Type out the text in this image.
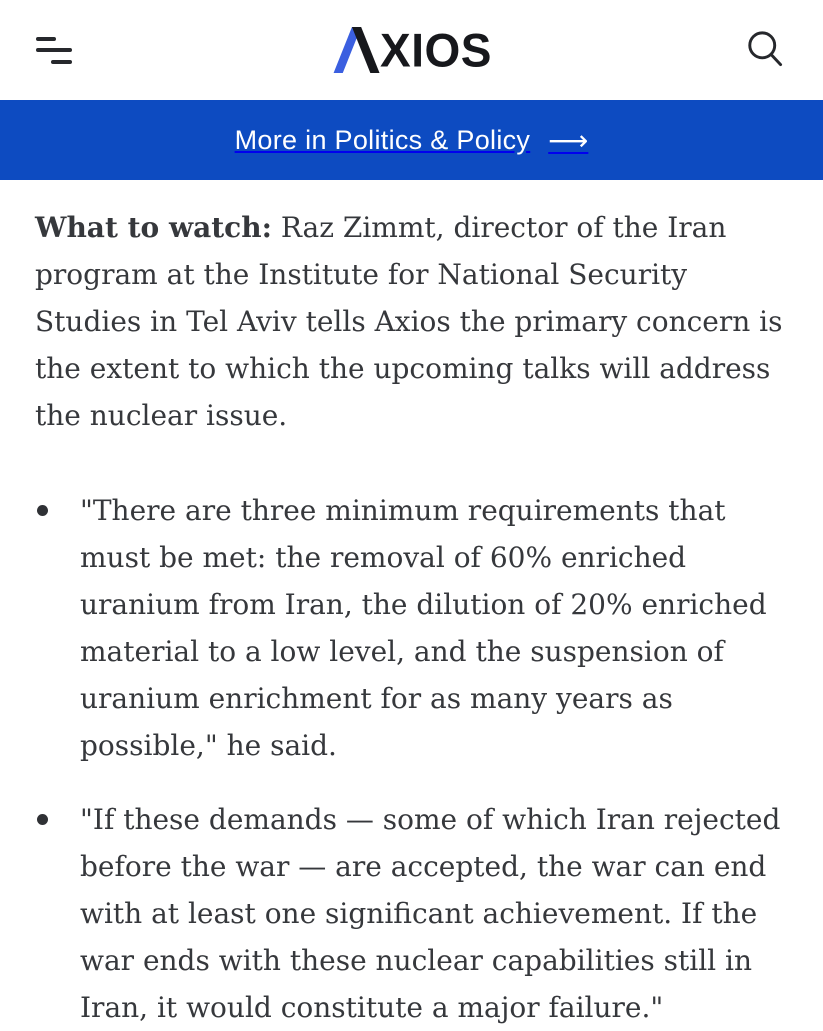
XIOS
More in Politics & Policy ⟶

What to watch: Raz Zimmt, director of the Iran program at the Institute for National Security Studies in Tel Aviv tells Axios the primary concern is the extent to which the upcoming talks will address the nuclear issue.

"There are three minimum requirements that must be met: the removal of 60% enriched uranium from Iran, the dilution of 20% enriched material to a low level, and the suspension of uranium enrichment for as many years as possible," he said.
"If these demands — some of which Iran rejected before the war — are accepted, the war can end with at least one significant achievement. If the war ends with these nuclear capabilities still in Iran, it would constitute a major failure."
